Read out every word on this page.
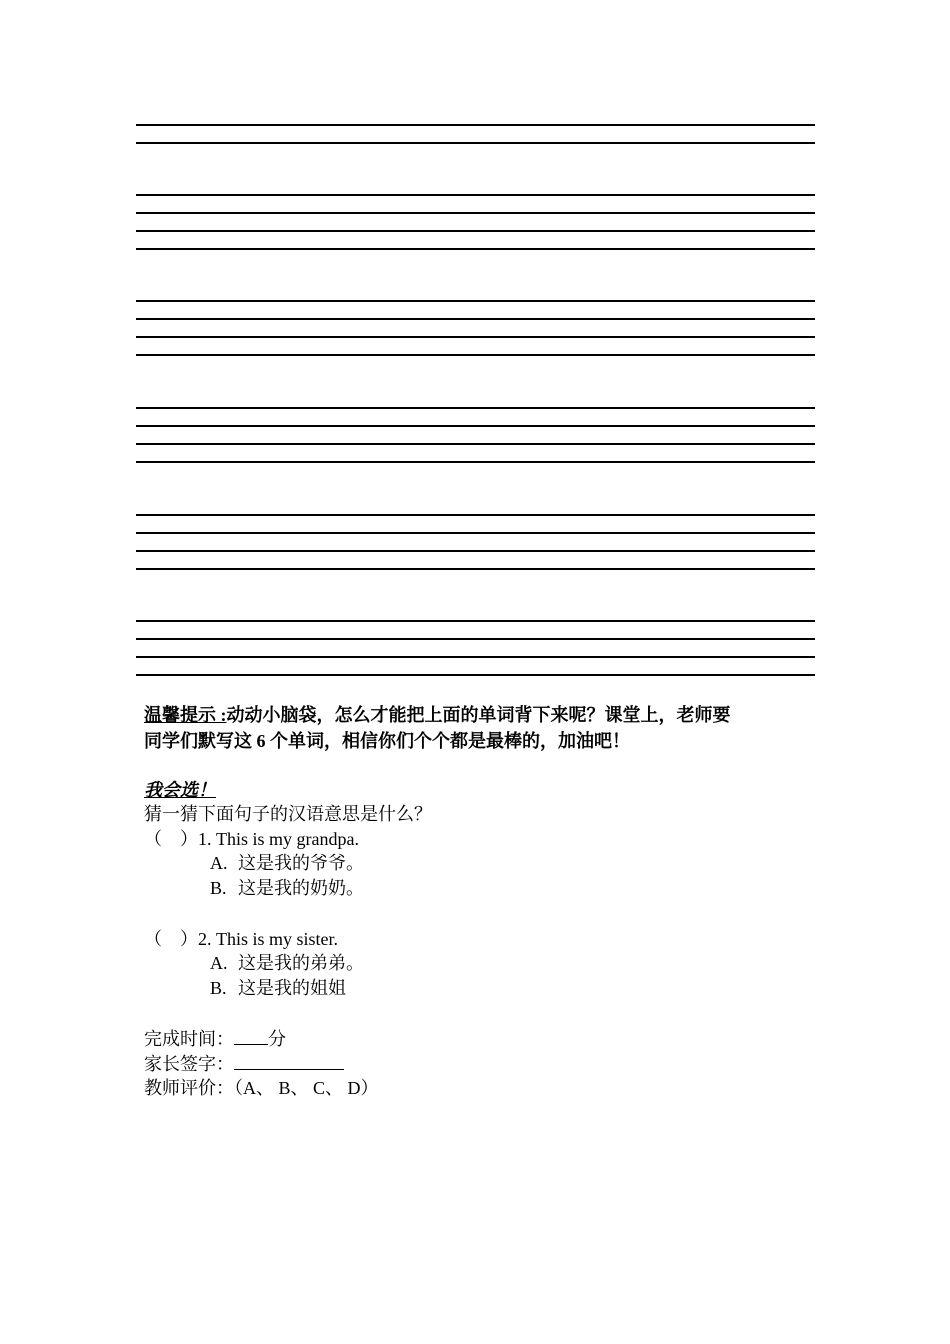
温馨提示 :动动小脑袋，怎么才能把上面的单词背下来呢？课堂上，老师要
同学们默写这 6 个单词，相信你们个个都是最棒的，加油吧！
我会选！
猜一猜下面句子的汉语意思是什么？
（　）1. This is my grandpa.
A. 这是我的爷爷。
B. 这是我的奶奶。
（　）2. This is my sister.
A. 这是我的弟弟。
B. 这是我的姐姐
完成时间： 分
家长签字：
教师评价：（A、 B、 C、 D）
